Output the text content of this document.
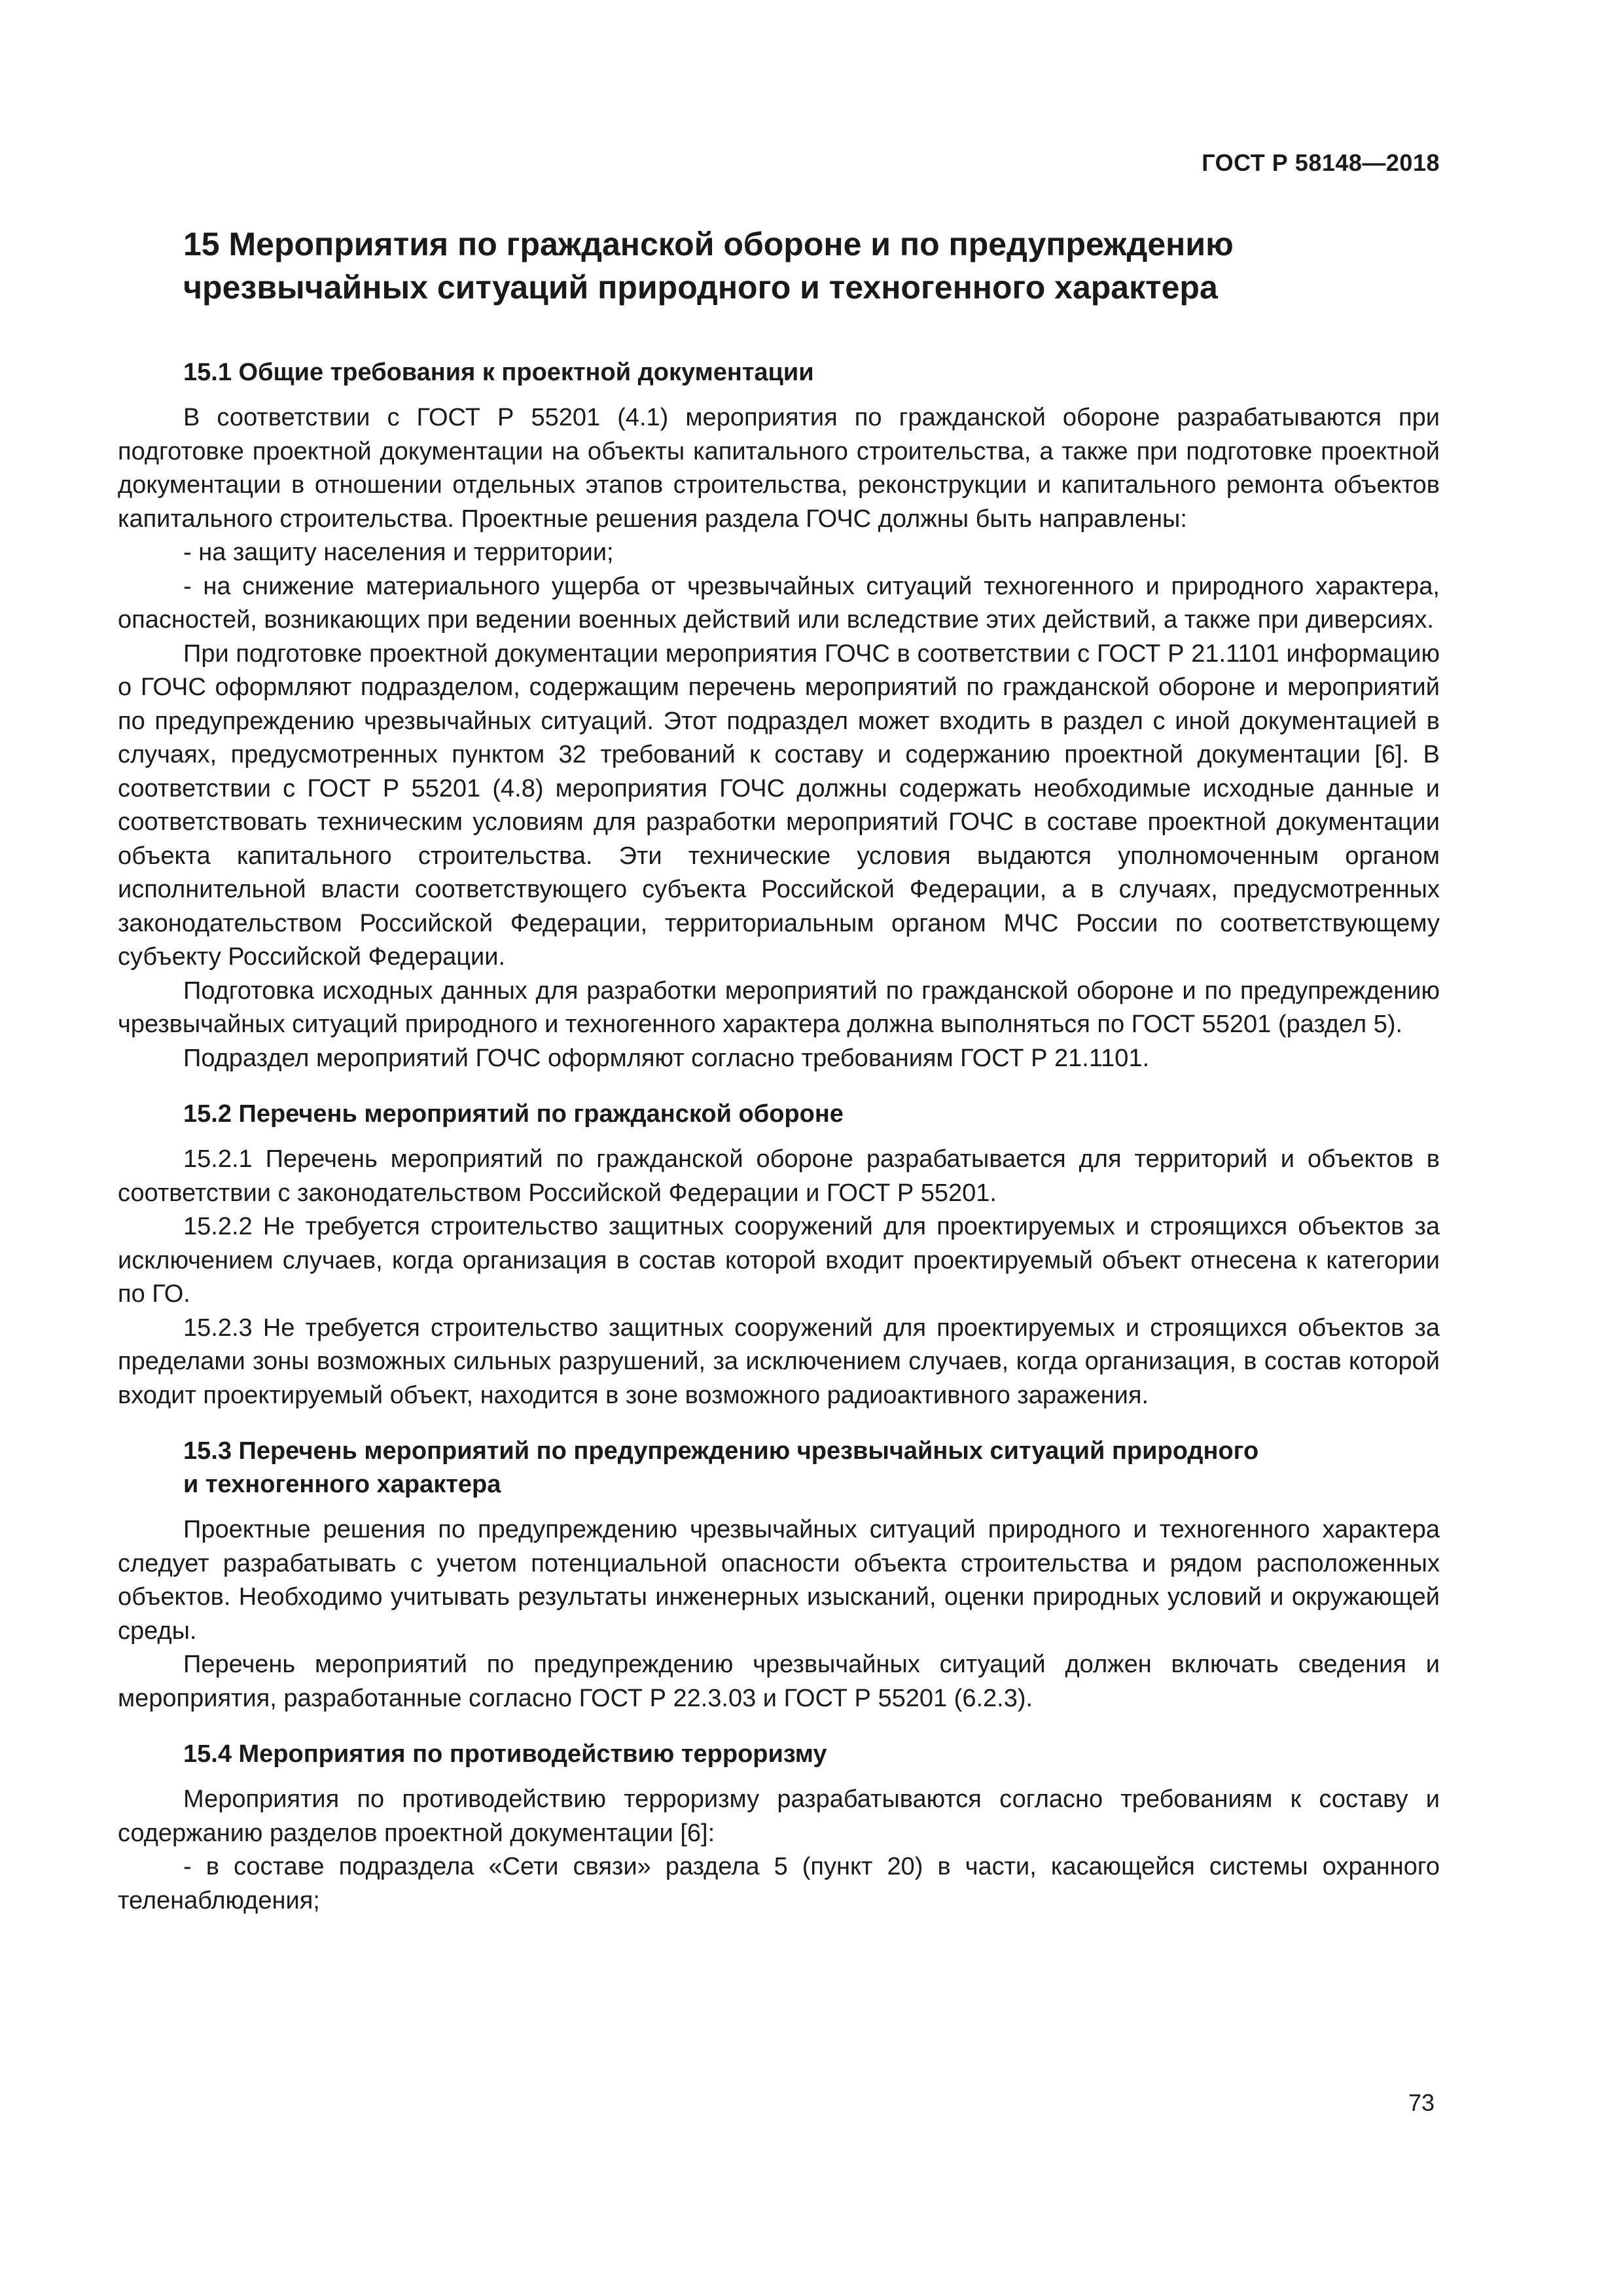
ГОСТ Р 58148—2018
15 Мероприятия по гражданской обороне и по предупреждению
чрезвычайных ситуаций природного и техногенного характера
15.1 Общие требования к проектной документации

В соответствии с ГОСТ Р 55201 (4.1) мероприятия по гражданской обороне разрабатываются при подготовке проектной документации на объекты капитального строительства, а также при подготовке проектной документации в отношении отдельных этапов строительства, реконструкции и капитального ремонта объектов капитального строительства. Проектные решения раздела ГОЧС должны быть направлены:

- на защиту населения и территории;

- на снижение материального ущерба от чрезвычайных ситуаций техногенного и природного характера, опасностей, возникающих при ведении военных действий или вследствие этих действий, а также при диверсиях.

При подготовке проектной документации мероприятия ГОЧС в соответствии с ГОСТ Р 21.1101 информацию о ГОЧС оформляют подразделом, содержащим перечень мероприятий по гражданской обороне и мероприятий по предупреждению чрезвычайных ситуаций. Этот подраздел может входить в раздел с иной документацией в случаях, предусмотренных пунктом 32 требований к составу и содержанию проектной документации [6]. В соответствии с ГОСТ Р 55201 (4.8) мероприятия ГОЧС должны содержать необходимые исходные данные и соответствовать техническим условиям для разработки мероприятий ГОЧС в составе проектной документации объекта капитального строительства. Эти технические условия выдаются уполномоченным органом исполнительной власти соответствующего субъекта Российской Федерации, а в случаях, предусмотренных законодательством Российской Федерации, территориальным органом МЧС России по соответствующему субъекту Российской Федерации.

Подготовка исходных данных для разработки мероприятий по гражданской обороне и по предупреждению чрезвычайных ситуаций природного и техногенного характера должна выполняться по ГОСТ 55201 (раздел 5).

Подраздел мероприятий ГОЧС оформляют согласно требованиям ГОСТ Р 21.1101.

15.2 Перечень мероприятий по гражданской обороне

15.2.1 Перечень мероприятий по гражданской обороне разрабатывается для территорий и объектов в соответствии с законодательством Российской Федерации и ГОСТ Р 55201.

15.2.2 Не требуется строительство защитных сооружений для проектируемых и строящихся объектов за исключением случаев, когда организация в состав которой входит проектируемый объект отнесена к категории по ГО.

15.2.3 Не требуется строительство защитных сооружений для проектируемых и строящихся объектов за пределами зоны возможных сильных разрушений, за исключением случаев, когда организация, в состав которой входит проектируемый объект, находится в зоне возможного радиоактивного заражения.

15.3 Перечень мероприятий по предупреждению чрезвычайных ситуаций природного
и техногенного характера

Проектные решения по предупреждению чрезвычайных ситуаций природного и техногенного характера следует разрабатывать с учетом потенциальной опасности объекта строительства и рядом расположенных объектов. Необходимо учитывать результаты инженерных изысканий, оценки природных условий и окружающей среды.

Перечень мероприятий по предупреждению чрезвычайных ситуаций должен включать сведения и мероприятия, разработанные согласно ГОСТ Р 22.3.03 и ГОСТ Р 55201 (6.2.3).

15.4 Мероприятия по противодействию терроризму

Мероприятия по противодействию терроризму разрабатываются согласно требованиям к составу и содержанию разделов проектной документации [6]:

- в составе подраздела «Сети связи» раздела 5 (пункт 20) в части, касающейся системы охранного теленаблюдения;

73
